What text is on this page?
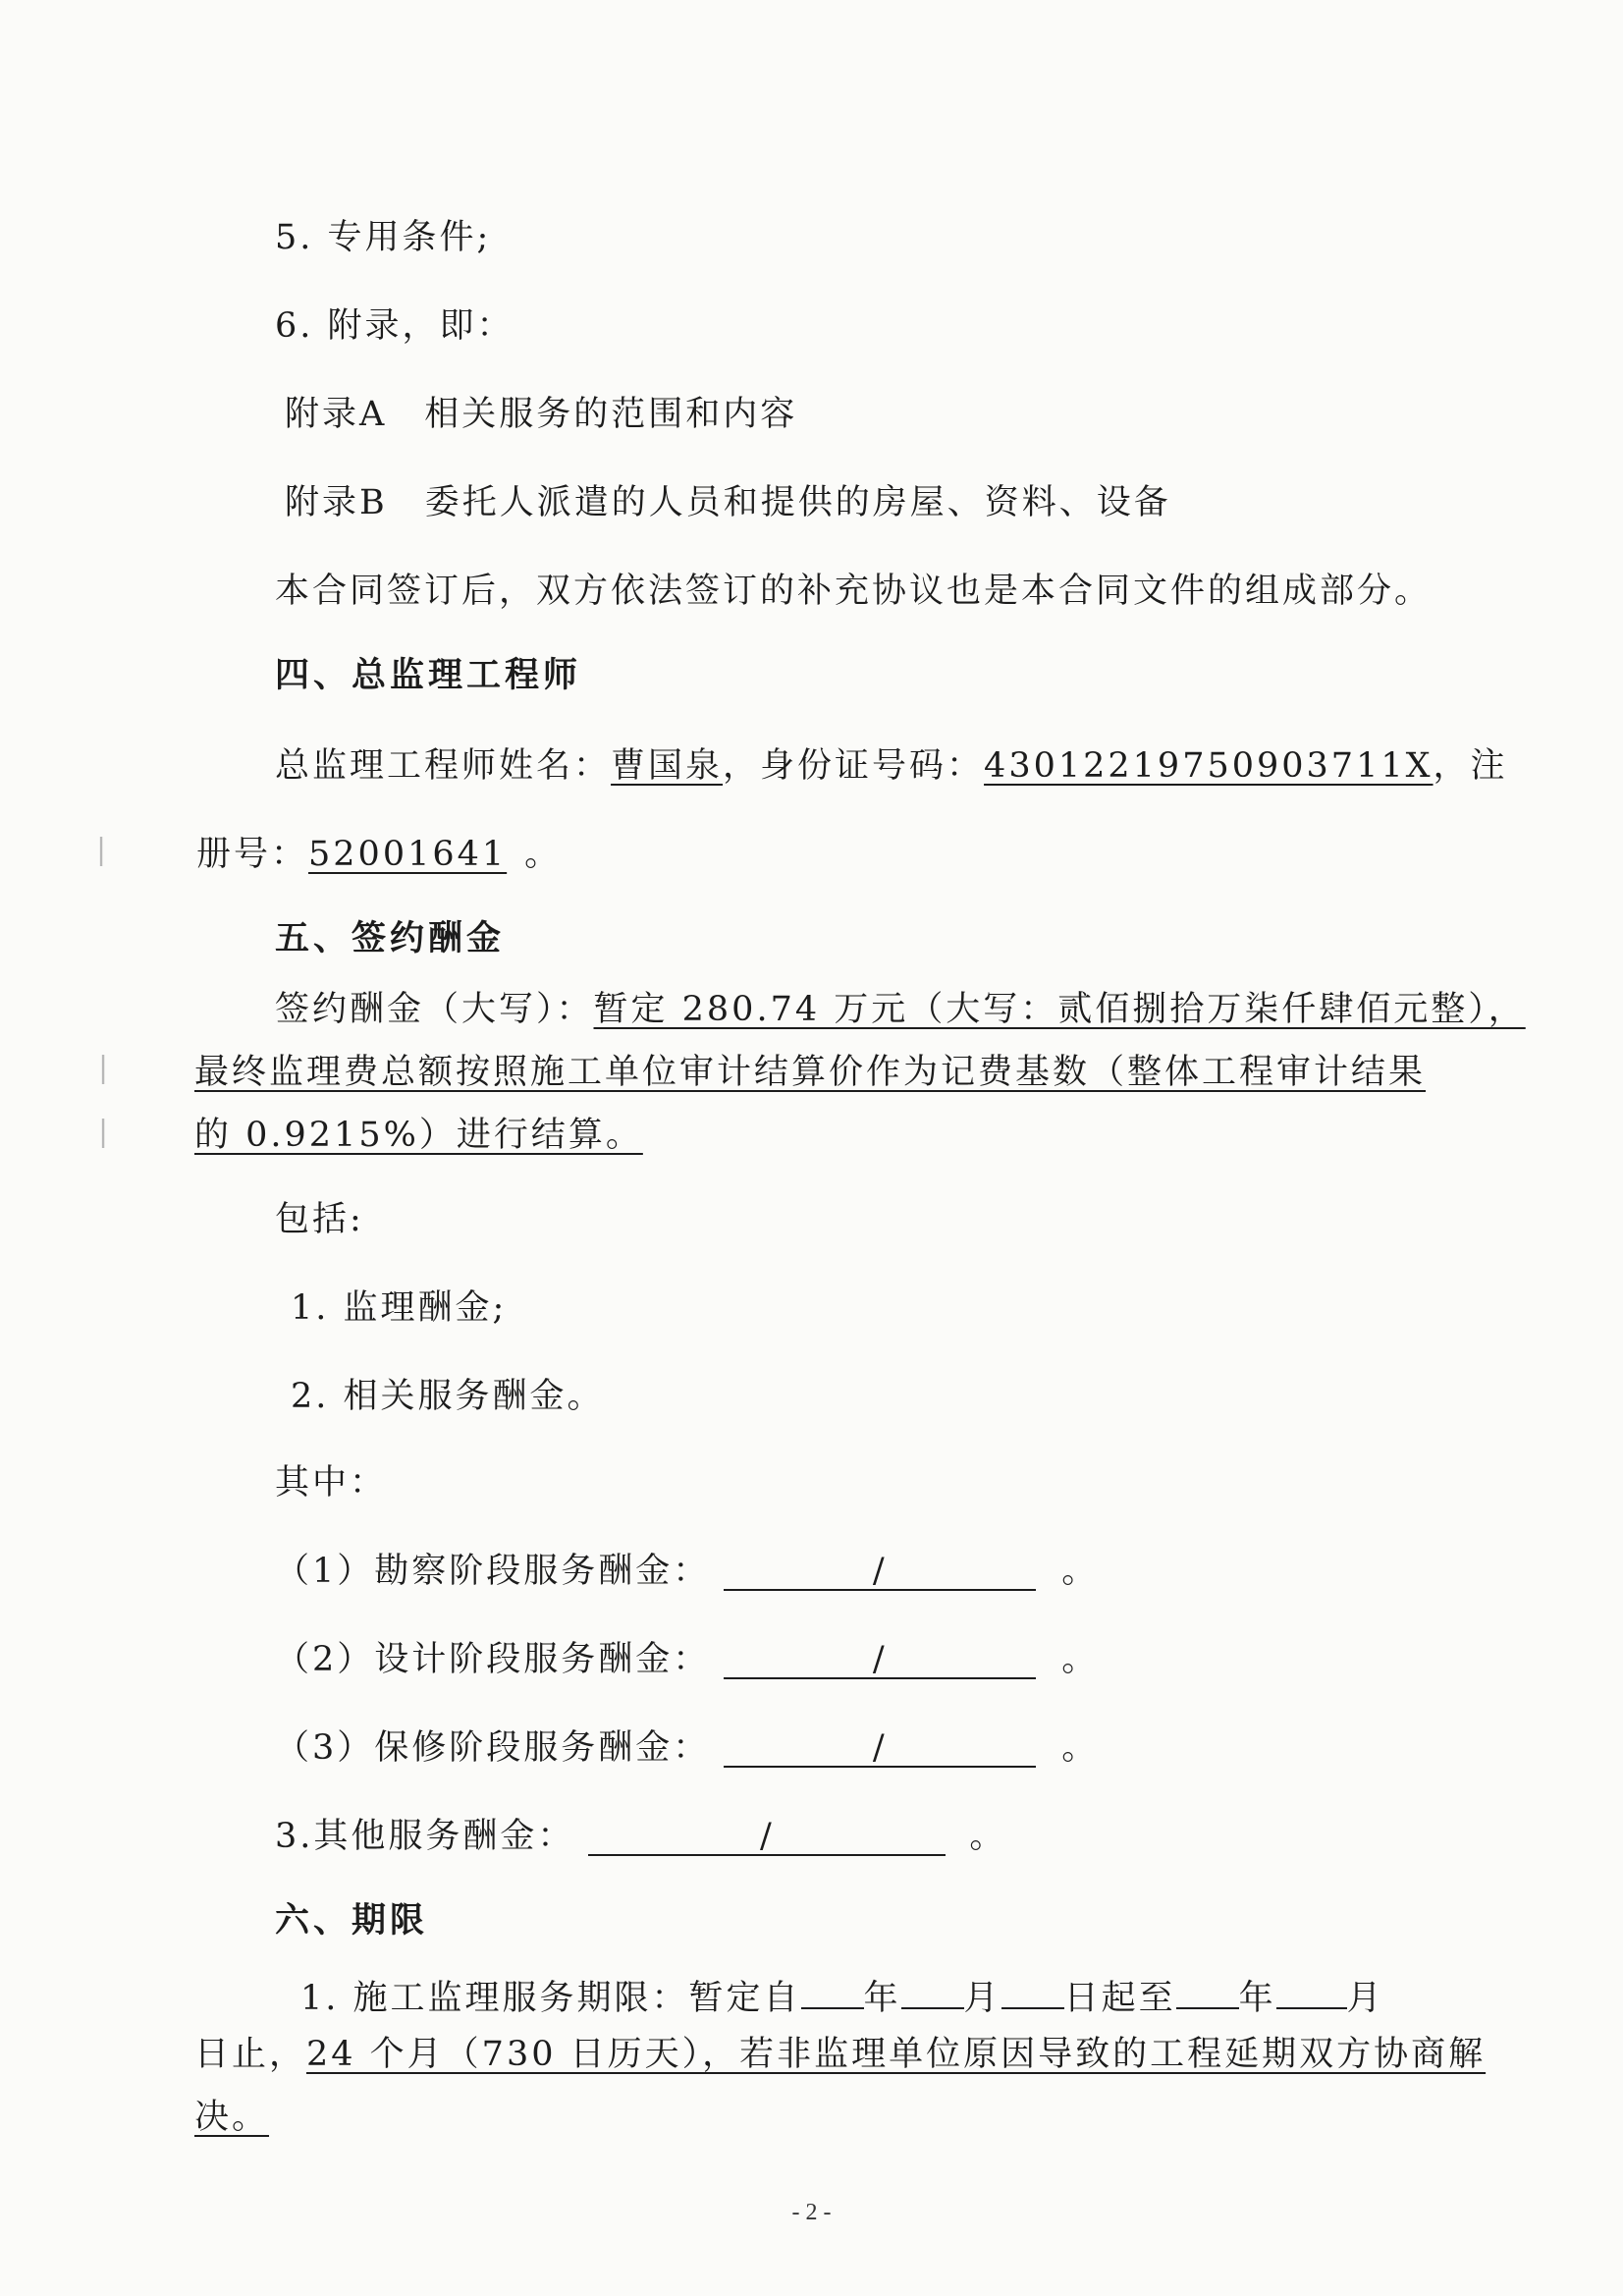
5. 专用条件;
6. 附录，即：
附录A　相关服务的范围和内容
附录B　委托人派遣的人员和提供的房屋、资料、设备
本合同签订后，双方依法签订的补充协议也是本合同文件的组成部分。
四、总监理工程师
总监理工程师姓名：曹国泉，身份证号码：43012219750903711X，注
册号：52001641 。
五、签约酬金
签约酬金（大写）：暂定 280.74 万元（大写：贰佰捌拾万柒仟肆佰元整），
最终监理费总额按照施工单位审计结算价作为记费基数（整体工程审计结果
的 0.9215%）进行结算。
包括:
1. 监理酬金;
2. 相关服务酬金。
其中：
（1）勘察阶段服务酬金：	/	。
（2）设计阶段服务酬金：	/	。
（3）保修阶段服务酬金：	/	。
3.其他服务酬金：	/	。
六、期限
1. 施工监理服务期限：暂定自 年 月 日起至 年 月
日止，24 个月（730 日历天），若非监理单位原因导致的工程延期双方协商解
决。
- 2 -
|
|
|
